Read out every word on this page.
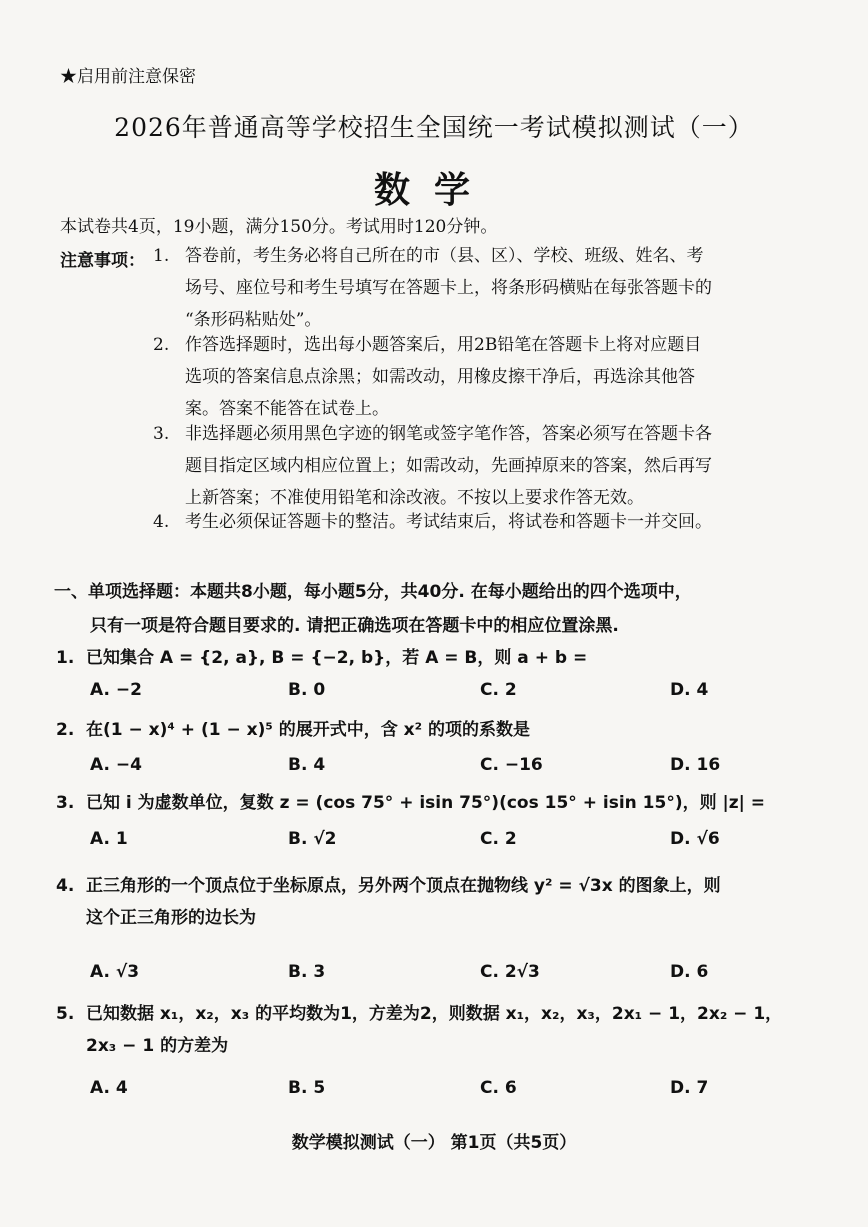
★启用前注意保密
2026年普通高等学校招生全国统一考试模拟测试（一）
数学
本试卷共4页，19小题，满分150分。考试用时120分钟。
注意事项： 1. 答卷前，考生务必将自己所在的市（县、区）、学校、班级、姓名、考
场号、座位号和考生号填写在答题卡上，将条形码横贴在每张答题卡的
“条形码粘贴处”。
2. 作答选择题时，选出每小题答案后，用2B铅笔在答题卡上将对应题目
选项的答案信息点涂黑；如需改动，用橡皮擦干净后，再选涂其他答
案。答案不能答在试卷上。
3. 非选择题必须用黑色字迹的钢笔或签字笔作答，答案必须写在答题卡各
题目指定区域内相应位置上；如需改动，先画掉原来的答案，然后再写
上新答案；不准使用铅笔和涂改液。不按以上要求作答无效。
4. 考生必须保证答题卡的整洁。考试结束后，将试卷和答题卡一并交回。
一、单项选择题：本题共8小题，每小题5分，共40分. 在每小题给出的四个选项中，
只有一项是符合题目要求的. 请把正确选项在答题卡中的相应位置涂黑.
1. 已知集合 A = {2, a}, B = {−2, b}，若 A = B，则 a + b =
A. −2	B. 0	C. 2	D. 4
2. 在(1 − x)⁴ + (1 − x)⁵ 的展开式中，含 x² 的项的系数是
A. −4	B. 4	C. −16	D. 16
3. 已知 i 为虚数单位，复数 z = (cos 75° + isin 75°)(cos 15° + isin 15°)，则 |z| =
A. 1	B. √2	C. 2	D. √6
4. 正三角形的一个顶点位于坐标原点，另外两个顶点在抛物线 y² = √3x 的图象上，则
这个正三角形的边长为
A. √3	B. 3	C. 2√3	D. 6
5. 已知数据 x₁，x₂，x₃ 的平均数为1，方差为2，则数据 x₁，x₂，x₃，2x₁ − 1，2x₂ − 1，
2x₃ − 1 的方差为
A. 4	B. 5	C. 6	D. 7
数学模拟测试（一） 第1页（共5页）
